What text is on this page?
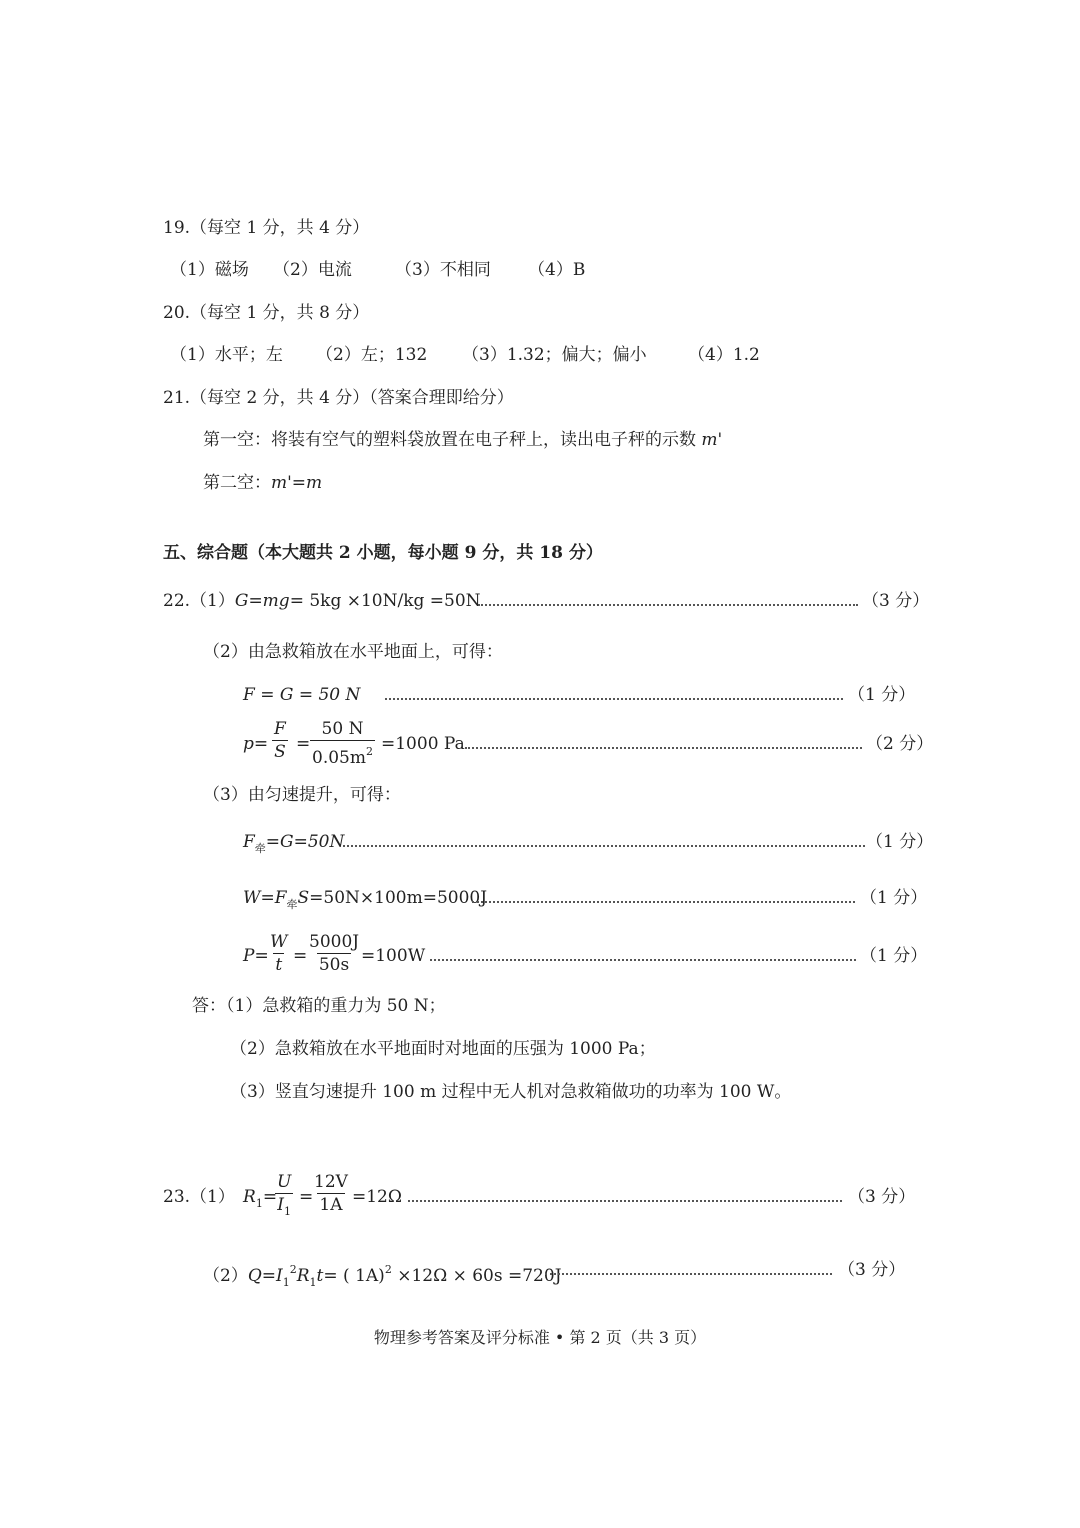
19.（每空 1 分，共 4 分）
（1）磁场 （2）电流	（3）不相同 （4）B
20.（每空 1 分，共 8 分）
（1）水平；左 （2）左；132 （3）1.32；偏大；偏小 （4）1.2
21.（每空 2 分，共 4 分）（答案合理即给分）
第一空：将装有空气的塑料袋放置在电子秤上，读出电子秤的示数 m'
第二空：m'=m
五、综合题（本大题共 2 小题，每小题 9 分，共 18 分）
22.（1）G=mg= 5kg ×10N/kg =50N	（3 分）
（2）由急救箱放在水平地面上，可得：
F = G = 50 N	（1 分）
$p= \frac{F}{S} = \frac{50 N}{0.05m^2} =1000$ Pa	（2 分）
（3）由匀速提升，可得：
$F_牵=G=50N$	（1 分）
$W=F_牵S=50N\times 100m=5000J$	（1 分）
$P= \frac{W}{t} = \frac{5000J}{50s} =100W$	（1 分）
答：（1）急救箱的重力为 50 N；
（2）急救箱放在水平地面时对地面的压强为 1000 Pa；
（3）竖直匀速提升 100 m 过程中无人机对急救箱做功的功率为 100 W。
23.（1） $R_1=$
$\frac{U}{I_1}$ =
$\frac{12V}{1A} =12\Omega$	（3 分）
$(2)Q=I_1^2R_1t=$ ( 1A)$^2$ ×12Ω × 60s =720J	（3 分）
物理参考答案及评分标准 • 第 2 页（共 3 页）
